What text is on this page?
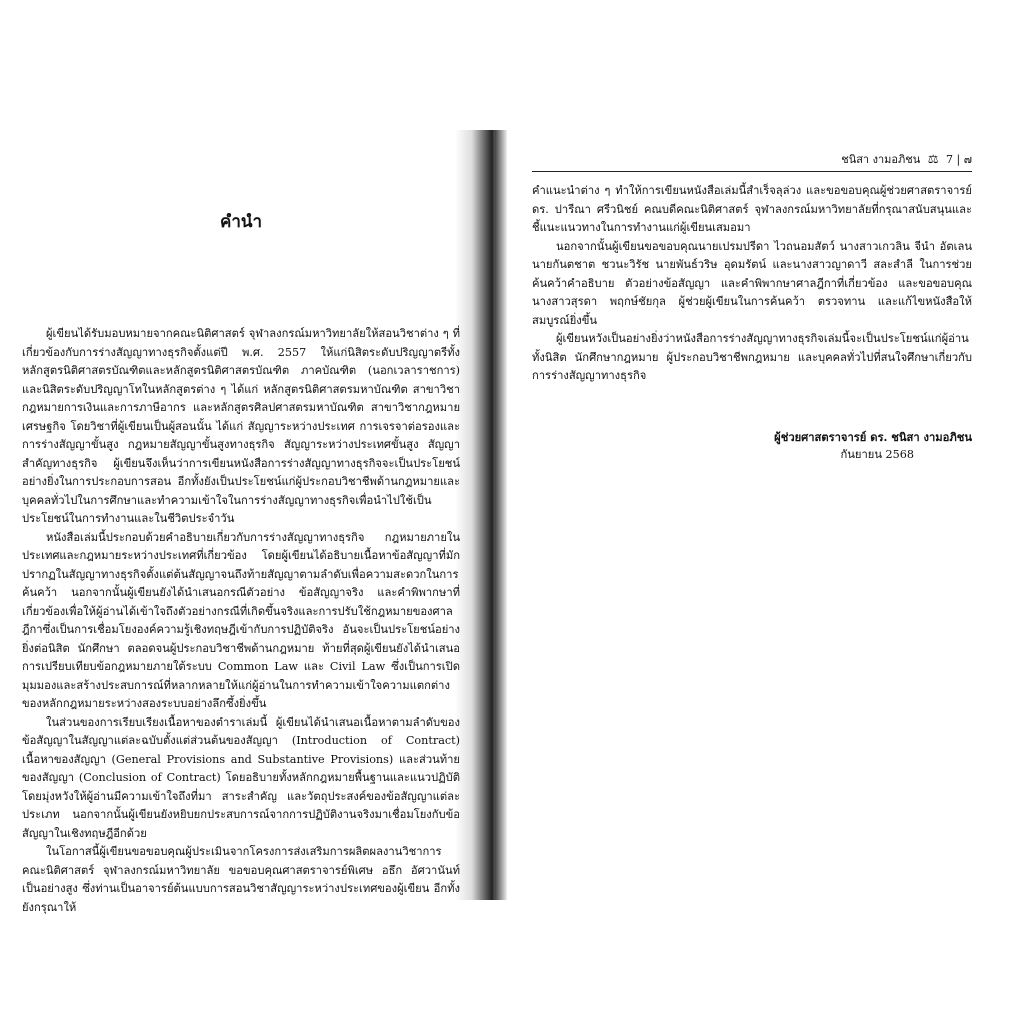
คำนำ

ผู้เขียนได้รับมอบหมายจากคณะนิติศาสตร์ จุฬาลงกรณ์มหาวิทยาลัยให้สอนวิชาต่าง ๆ ที่เกี่ยวข้องกับการร่างสัญญาทางธุรกิจตั้งแต่ปี พ.ศ. 2557 ให้แก่นิสิตระดับปริญญาตรีทั้งหลักสูตรนิติศาสตรบัณฑิตและหลักสูตรนิติศาสตรบัณฑิต ภาคบัณฑิต (นอกเวลาราชการ) และนิสิตระดับปริญญาโทในหลักสูตรต่าง ๆ ได้แก่ หลักสูตรนิติศาสตรมหาบัณฑิต สาขาวิชากฎหมายการเงินและการภาษีอากร และหลักสูตรศิลปศาสตรมหาบัณฑิต สาขาวิชากฎหมายเศรษฐกิจ โดยวิชาที่ผู้เขียนเป็นผู้สอนนั้น ได้แก่ สัญญาระหว่างประเทศ การเจรจาต่อรองและการร่างสัญญาขั้นสูง กฎหมายสัญญาขั้นสูงทางธุรกิจ สัญญาระหว่างประเทศขั้นสูง สัญญาสำคัญทางธุรกิจ ผู้เขียนจึงเห็นว่าการเขียนหนังสือการร่างสัญญาทางธุรกิจจะเป็นประโยชน์อย่างยิ่งในการประกอบการสอน อีกทั้งยังเป็นประโยชน์แก่ผู้ประกอบวิชาชีพด้านกฎหมายและบุคคลทั่วไปในการศึกษาและทำความเข้าใจในการร่างสัญญาทางธุรกิจเพื่อนำไปใช้เป็นประโยชน์ในการทำงานและในชีวิตประจำวัน

หนังสือเล่มนี้ประกอบด้วยคำอธิบายเกี่ยวกับการร่างสัญญาทางธุรกิจ กฎหมายภายในประเทศและกฎหมายระหว่างประเทศที่เกี่ยวข้อง โดยผู้เขียนได้อธิบายเนื้อหาข้อสัญญาที่มักปรากฏในสัญญาทางธุรกิจตั้งแต่ต้นสัญญาจนถึงท้ายสัญญาตามลำดับเพื่อความสะดวกในการค้นคว้า นอกจากนั้นผู้เขียนยังได้นำเสนอกรณีตัวอย่าง ข้อสัญญาจริง และคำพิพากษาที่เกี่ยวข้องเพื่อให้ผู้อ่านได้เข้าใจถึงตัวอย่างกรณีที่เกิดขึ้นจริงและการปรับใช้กฎหมายของศาลฎีกาซึ่งเป็นการเชื่อมโยงองค์ความรู้เชิงทฤษฎีเข้ากับการปฏิบัติจริง อันจะเป็นประโยชน์อย่างยิ่งต่อนิสิต นักศึกษา ตลอดจนผู้ประกอบวิชาชีพด้านกฎหมาย ท้ายที่สุดผู้เขียนยังได้นำเสนอการเปรียบเทียบข้อกฎหมายภายใต้ระบบ Common Law และ Civil Law ซึ่งเป็นการเปิดมุมมองและสร้างประสบการณ์ที่หลากหลายให้แก่ผู้อ่านในการทำความเข้าใจความแตกต่างของหลักกฎหมายระหว่างสองระบบอย่างลึกซึ้งยิ่งขึ้น

ในส่วนของการเรียบเรียงเนื้อหาของตำราเล่มนี้ ผู้เขียนได้นำเสนอเนื้อหาตามลำดับของข้อสัญญาในสัญญาแต่ละฉบับตั้งแต่ส่วนต้นของสัญญา (Introduction of Contract) เนื้อหาของสัญญา (General Provisions and Substantive Provisions) และส่วนท้ายของสัญญา (Conclusion of Contract) โดยอธิบายทั้งหลักกฎหมายพื้นฐานและแนวปฏิบัติ โดยมุ่งหวังให้ผู้อ่านมีความเข้าใจถึงที่มา สาระสำคัญ และวัตถุประสงค์ของข้อสัญญาแต่ละประเภท นอกจากนั้นผู้เขียนยังหยิบยกประสบการณ์จากการปฏิบัติงานจริงมาเชื่อมโยงกับข้อสัญญาในเชิงทฤษฎีอีกด้วย

ในโอกาสนี้ผู้เขียนขอขอบคุณผู้ประเมินจากโครงการส่งเสริมการผลิตผลงานวิชาการ คณะนิติศาสตร์ จุฬาลงกรณ์มหาวิทยาลัย ขอขอบคุณศาสตราจารย์พิเศษ อธึก อัศวานันท์ เป็นอย่างสูง ซึ่งท่านเป็นอาจารย์ต้นแบบการสอนวิชาสัญญาระหว่างประเทศของผู้เขียน อีกทั้งยังกรุณาให้

ชนิสา งามอภิชน ⚖ 7 | ๗

คำแนะนำต่าง ๆ ทำให้การเขียนหนังสือเล่มนี้สำเร็จลุล่วง และขอขอบคุณผู้ช่วยศาสตราจารย์ ดร. ปารีณา ศรีวนิชย์ คณบดีคณะนิติศาสตร์ จุฬาลงกรณ์มหาวิทยาลัยที่กรุณาสนับสนุนและชี้แนะแนวทางในการทำงานแก่ผู้เขียนเสมอมา

นอกจากนั้นผู้เขียนขอขอบคุณนายเปรมปรีดา ไวถนอมสัตว์ นางสาวเกวลิน จีนำ อัตเลนนายกันตชาต ชวนะวิรัช นายพันธ์วริษ อุดมรัตน์ และนางสาวญาดาวี สละสำลี ในการช่วยค้นคว้าคำอธิบาย ตัวอย่างข้อสัญญา และคำพิพากษาศาลฎีกาที่เกี่ยวข้อง และขอขอบคุณนางสาวสุรดา พฤกษ์ชัยกุล ผู้ช่วยผู้เขียนในการค้นคว้า ตรวจทาน และแก้ไขหนังสือให้สมบูรณ์ยิ่งขึ้น

ผู้เขียนหวังเป็นอย่างยิ่งว่าหนังสือการร่างสัญญาทางธุรกิจเล่มนี้จะเป็นประโยชน์แก่ผู้อ่านทั้งนิสิต นักศึกษากฎหมาย ผู้ประกอบวิชาชีพกฎหมาย และบุคคลทั่วไปที่สนใจศึกษาเกี่ยวกับการร่างสัญญาทางธุรกิจ

ผู้ช่วยศาสตราจารย์ ดร. ชนิสา งามอภิชน
กันยายน 2568
